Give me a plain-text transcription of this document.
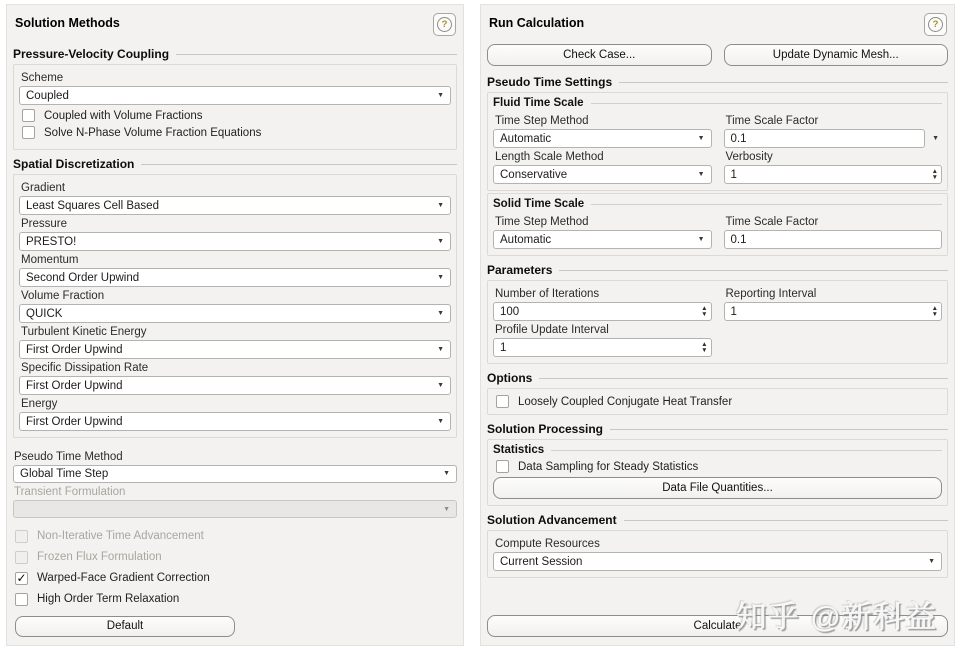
Solution Methods	?
Pressure-Velocity Coupling
Scheme
Coupled	▼
Coupled with Volume Fractions
Solve N-Phase Volume Fraction Equations
Spatial Discretization
Gradient
Least Squares Cell Based	▼
Pressure
PRESTO!	▼
Momentum
Second Order Upwind	▼
Volume Fraction
QUICK	▼
Turbulent Kinetic Energy
First Order Upwind	▼
Specific Dissipation Rate
First Order Upwind	▼
Energy
First Order Upwind	▼
Pseudo Time Method
Global Time Step	▼
Transient Formulation
▼
Non-Iterative Time Advancement
Frozen Flux Formulation
✓ Warped-Face Gradient Correction
High Order Term Relaxation
Default
Run Calculation	?
Check Case...	Update Dynamic Mesh...
Pseudo Time Settings
Fluid Time Scale
Time Step Method
Automatic	▼
Time Scale Factor
0.1
▼
Length Scale Method
Conservative	▼
Verbosity
1
▲
▼
Solid Time Scale
Time Step Method
Automatic	▼
Time Scale Factor
0.1
Parameters
Number of Iterations
100
▲
▼
Reporting Interval
1
▲
▼
Profile Update Interval
1
▲
▼
Options
Loosely Coupled Conjugate Heat Transfer
Solution Processing
Statistics
Data Sampling for Steady Statistics
Data File Quantities...
Solution Advancement
Compute Resources
Current Session	▼
Calculate
知乎 @新科益
